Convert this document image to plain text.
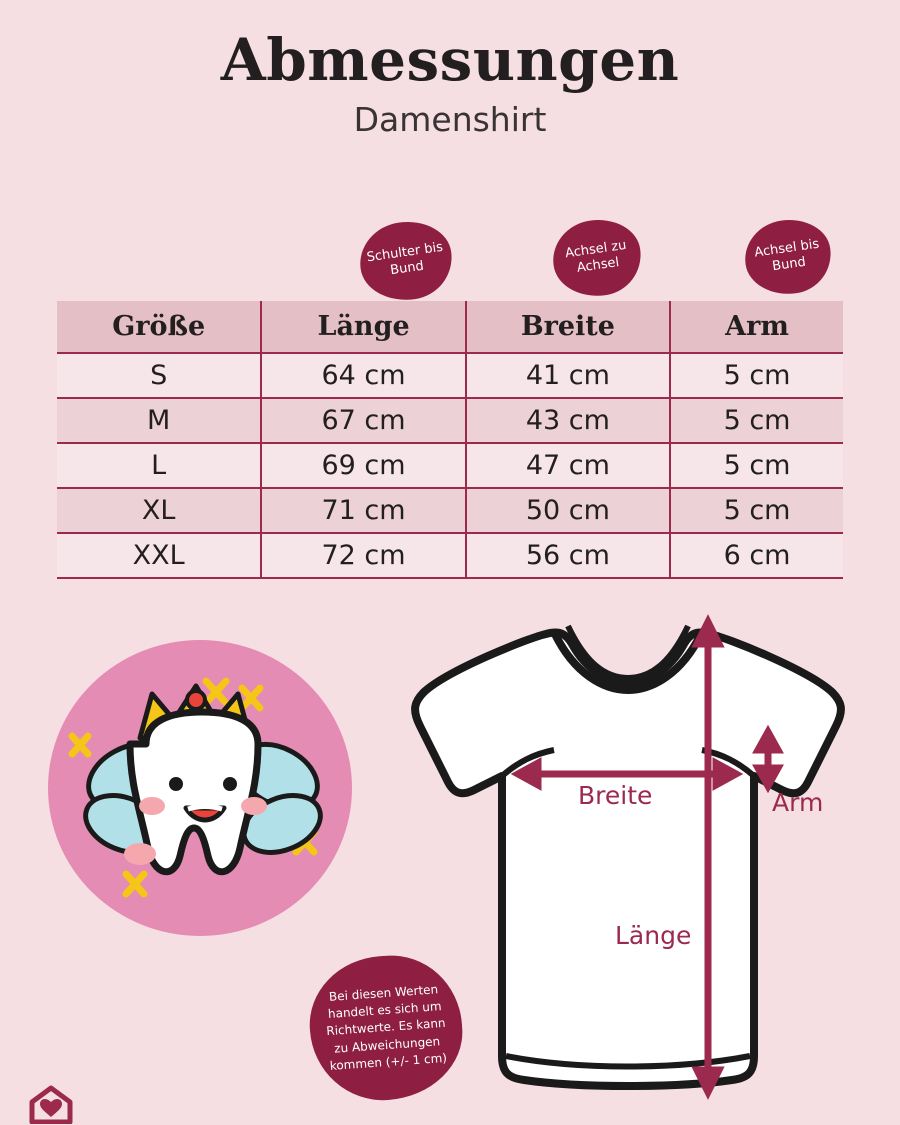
Abmessungen
Damenshirt
Schulter bis Bund
Achsel zu Achsel
Achsel bis Bund
Größe	Länge	Breite	Arm
S	64 cm	41 cm	5 cm
M	67 cm	43 cm	5 cm
L	69 cm	47 cm	5 cm
XL	71 cm	50 cm	5 cm
XXL	72 cm	56 cm	6 cm
Breite	Arm
Länge
Bei diesen Werten handelt es sich um Richtwerte. Es kann zu Abweichungen kommen (+/- 1 cm)
